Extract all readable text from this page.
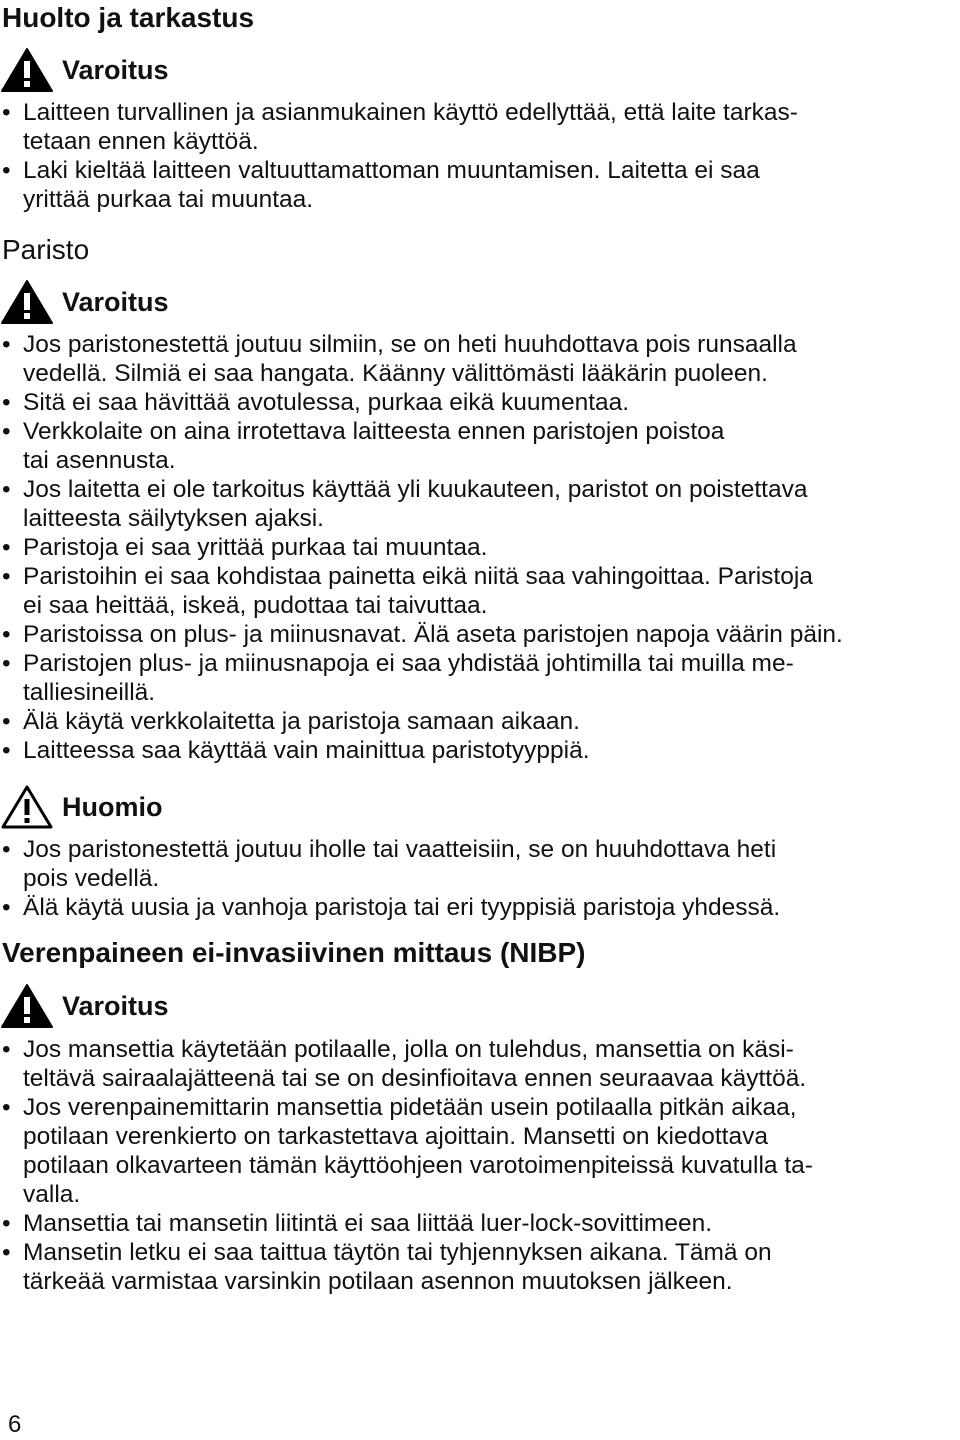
Huolto ja tarkastus
Varoitus
• Laitteen turvallinen ja asianmukainen käyttö edellyttää, että laite tarkas-
tetaan ennen käyttöä.
• Laki kieltää laitteen valtuuttamattoman muuntamisen. Laitetta ei saa
yrittää purkaa tai muuntaa.
Paristo
Varoitus
• Jos paristonestettä joutuu silmiin, se on heti huuhdottava pois runsaalla
vedellä. Silmiä ei saa hangata. Käänny välittömästi lääkärin puoleen.
• Sitä ei saa hävittää avotulessa, purkaa eikä kuumentaa.
• Verkkolaite on aina irrotettava laitteesta ennen paristojen poistoa
tai asennusta.
• Jos laitetta ei ole tarkoitus käyttää yli kuukauteen, paristot on poistettava
laitteesta säilytyksen ajaksi.
• Paristoja ei saa yrittää purkaa tai muuntaa.
• Paristoihin ei saa kohdistaa painetta eikä niitä saa vahingoittaa. Paristoja
ei saa heittää, iskeä, pudottaa tai taivuttaa.
• Paristoissa on plus- ja miinusnavat. Älä aseta paristojen napoja väärin päin.
• Paristojen plus- ja miinusnapoja ei saa yhdistää johtimilla tai muilla me-
talliesineillä.
• Älä käytä verkkolaitetta ja paristoja samaan aikaan.
• Laitteessa saa käyttää vain mainittua paristotyyppiä.
Huomio
• Jos paristonestettä joutuu iholle tai vaatteisiin, se on huuhdottava heti
pois vedellä.
• Älä käytä uusia ja vanhoja paristoja tai eri tyyppisiä paristoja yhdessä.
Verenpaineen ei-invasiivinen mittaus (NIBP)
Varoitus
• Jos mansettia käytetään potilaalle, jolla on tulehdus, mansettia on käsi-
teltävä sairaalajätteenä tai se on desinfioitava ennen seuraavaa käyttöä.
• Jos verenpainemittarin mansettia pidetään usein potilaalla pitkän aikaa,
potilaan verenkierto on tarkastettava ajoittain. Mansetti on kiedottava
potilaan olkavarteen tämän käyttöohjeen varotoimenpiteissä kuvatulla ta-
valla.
• Mansettia tai mansetin liitintä ei saa liittää luer-lock-sovittimeen.
• Mansetin letku ei saa taittua täytön tai tyhjennyksen aikana. Tämä on
tärkeää varmistaa varsinkin potilaan asennon muutoksen jälkeen.
6
